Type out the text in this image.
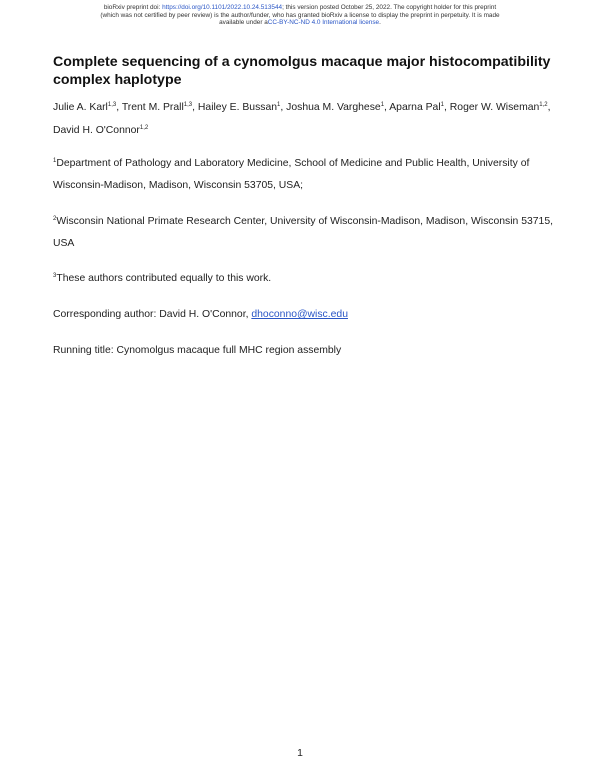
bioRxiv preprint doi: https://doi.org/10.1101/2022.10.24.513544; this version posted October 25, 2022. The copyright holder for this preprint
(which was not certified by peer review) is the author/funder, who has granted bioRxiv a license to display the preprint in perpetuity. It is made
available under aCC-BY-NC-ND 4.0 International license.
Complete sequencing of a cynomolgus macaque major histocompatibility complex haplotype
Julie A. Karl$^{1,3}$, Trent M. Prall$^{1,3}$, Hailey E. Bussan$^1$, Joshua M. Varghese$^1$, Aparna Pal$^1$, Roger W. Wiseman$^{1,2}$, David H. O'Connor$^{1,2}$

$^1$Department of Pathology and Laboratory Medicine, School of Medicine and Public Health, University of Wisconsin-Madison, Madison, Wisconsin 53705, USA;

$^2$Wisconsin National Primate Research Center, University of Wisconsin-Madison, Madison, Wisconsin 53715, USA

$^3$These authors contributed equally to this work.

Corresponding author: David H. O'Connor, dhoconno@wisc.edu

Running title: Cynomolgus macaque full MHC region assembly

1
